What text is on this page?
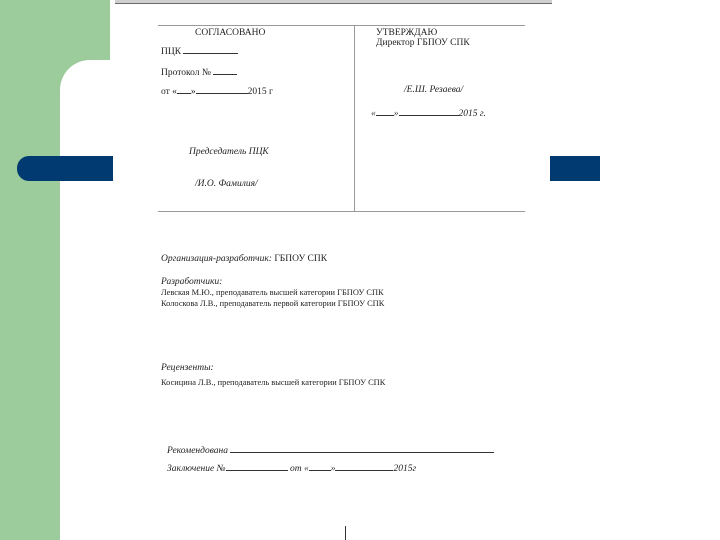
СОГЛАСОВАНО
ПЦК
Протокол №
от « »	2015 г
Председатель ПЦК
/И.О. Фамилия/
УТВЕРЖДАЮ
Директор ГБПОУ СПК
/Е.Ш. Резаева/
« »	2015 г.
Организация-разработчик: ГБПОУ СПК
Разработчики:
Левская М.Ю., преподаватель высшей категории ГБПОУ СПК
Колоскова Л.В., преподаватель первой категории ГБПОУ СПК
Рецензенты:
Косицина Л.В., преподаватель высшей категории ГБПОУ СПК
Рекомендована
Заключение №	от « »	2015г
